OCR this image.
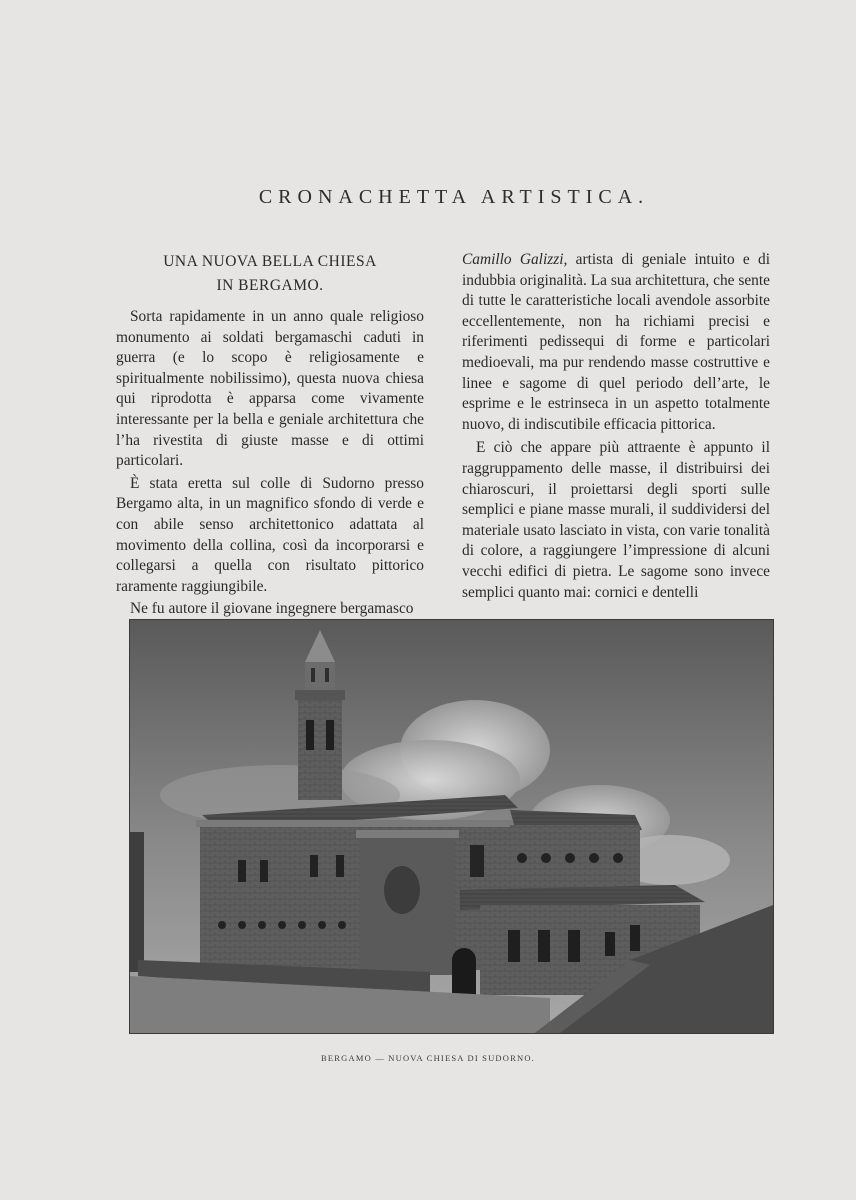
CRONACHETTA ARTISTICA.
UNA NUOVA BELLA CHIESA
IN BERGAMO.

Sorta rapidamente in un anno quale religioso monumento ai soldati bergamaschi caduti in guerra (e lo scopo è religiosamente e spiritualmente nobilissimo), questa nuova chiesa qui riprodotta è apparsa come vivamente interessante per la bella e geniale architettura che l’ha rivestita di giuste masse e di ottimi particolari.

È stata eretta sul colle di Sudorno presso Bergamo alta, in un magnifico sfondo di verde e con abile senso architettonico adattata al movimento della collina, così da incorporarsi e collegarsi a quella con risultato pittorico raramente raggiungibile.

Ne fu autore il giovane ingegnere bergamasco

Camillo Galizzi, artista di geniale intuito e di indubbia originalità. La sua architettura, che sente di tutte le caratteristiche locali avendole assorbite eccellentemente, non ha richiami precisi e riferimenti pedissequi di forme e particolari medioevali, ma pur rendendo masse costruttive e linee e sagome di quel periodo dell’arte, le esprime e le estrinseca in un aspetto totalmente nuovo, di indiscutibile efficacia pittorica.

E ciò che appare più attraente è appunto il raggruppamento delle masse, il distribuirsi dei chiaroscuri, il proiettarsi degli sporti sulle semplici e piane masse murali, il suddividersi del materiale usato lasciato in vista, con varie tonalità di colore, a raggiungere l’impressione di alcuni vecchi edifici di pietra. Le sagome sono invece semplici quanto mai: cornici e dentelli

BERGAMO — NUOVA CHIESA DI SUDORNO.
